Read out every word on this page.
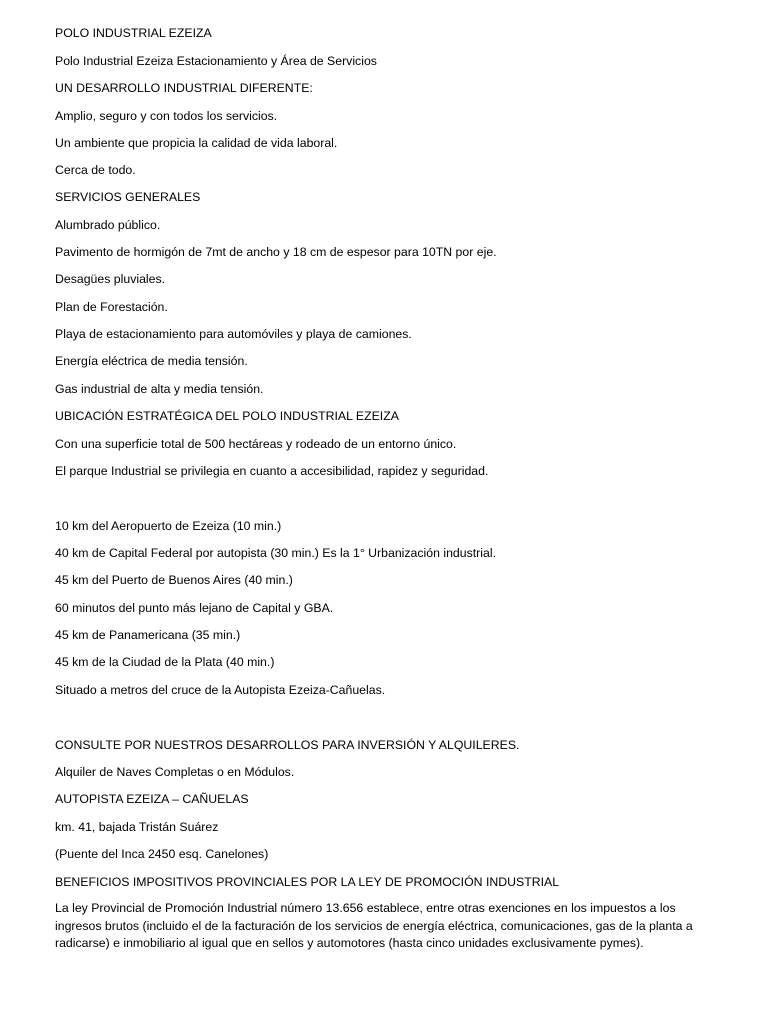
POLO INDUSTRIAL EZEIZA
Polo Industrial Ezeiza Estacionamiento y Área de Servicios
UN DESARROLLO INDUSTRIAL DIFERENTE:
Amplio, seguro y con todos los servicios.
Un ambiente que propicia la calidad de vida laboral.
Cerca de todo.
SERVICIOS GENERALES
Alumbrado público.
Pavimento de hormigón de 7mt de ancho y 18 cm de espesor para 10TN por eje.
Desagües pluviales.
Plan de Forestación.
Playa de estacionamiento para automóviles y playa de camiones.
Energía eléctrica de media tensión.
Gas industrial de alta y media tensión.
UBICACIÓN ESTRATÉGICA DEL POLO INDUSTRIAL EZEIZA
Con una superficie total de 500 hectáreas y rodeado de un entorno único.
El parque Industrial se privilegia en cuanto a accesibilidad, rapidez y seguridad.
10 km del Aeropuerto de Ezeiza (10 min.)
40 km de Capital Federal por autopista (30 min.) Es la 1° Urbanización industrial.
45 km del Puerto de Buenos Aires (40 min.)
60 minutos del punto más lejano de Capital y GBA.
45 km de Panamericana (35 min.)
45 km de la Ciudad de la Plata (40 min.)
Situado a metros del cruce de la Autopista Ezeiza-Cañuelas.
CONSULTE POR NUESTROS DESARROLLOS PARA INVERSIÓN Y ALQUILERES.
Alquiler de Naves Completas o en Módulos.
AUTOPISTA EZEIZA – CAÑUELAS
km. 41, bajada Tristán Suárez
(Puente del Inca 2450 esq. Canelones)
BENEFICIOS IMPOSITIVOS PROVINCIALES POR LA LEY DE PROMOCIÓN INDUSTRIAL
La ley Provincial de Promoción Industrial número 13.656 establece, entre otras exenciones en los impuestos a los ingresos brutos (incluido el de la facturación de los servicios de energía eléctrica, comunicaciones, gas de la planta a radicarse) e inmobiliario al igual que en sellos y automotores (hasta cinco unidades exclusivamente pymes).
